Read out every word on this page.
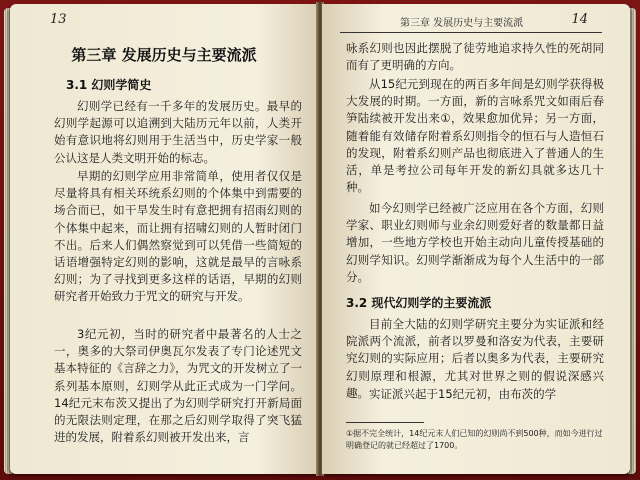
13
第三章 发展历史与主要流派
3.1 幻则学简史

幻则学已经有一千多年的发展历史。最早的幻则学起源可以追溯到大陆历元年以前，人类开始有意识地将幻则用于生活当中，历史学家一般公认这是人类文明开始的标志。

早期的幻则学应用非常简单，使用者仅仅是尽量将具有相关环统系幻则的个体集中到需要的场合而已，如干旱发生时有意把拥有招雨幻则的个体集中起来，而让拥有招啸幻则的人暂时闭门不出。后来人们偶然察觉到可以凭借一些简短的话语增强特定幻则的影响，这就是最早的言咏系幻则；为了寻找到更多这样的话语，早期的幻则研究者开始致力于咒文的研究与开发。

3纪元初，当时的研究者中最著名的人士之一，奥多的大祭司伊奥瓦尔发表了专门论述咒文基本特征的《言辞之力》，为咒文的开发树立了一系列基本原则，幻则学从此正式成为一门学问。14纪元末布茨又提出了为幻则学研究打开新局面的无限法则定理，在那之后幻则学取得了突飞猛进的发展，附着系幻则被开发出来，言

第三章 发展历史与主要流派	14

咏系幻则也因此摆脱了徒劳地追求持久性的死胡同而有了更明确的方向。

从15纪元到现在的两百多年间是幻则学获得极大发展的时期。一方面，新的言咏系咒文如雨后春笋陆续被开发出来①，效果愈加优异；另一方面，随着能有效储存附着系幻则指令的恒石与人造恒石的发现，附着系幻则产品也彻底进入了普通人的生活，单是考拉公司每年开发的新幻具就多达几十种。

如今幻则学已经被广泛应用在各个方面，幻则学家、职业幻则师与业余幻则爱好者的数量都日益增加，一些地方学校也开始主动向儿童传授基础的幻则学知识。幻则学渐渐成为每个人生活中的一部分。

3.2 现代幻则学的主要流派

目前全大陆的幻则学研究主要分为实证派和经院派两个流派，前者以罗曼和洛安为代表，主要研究幻则的实际应用；后者以奥多为代表，主要研究幻则原理和根源，尤其对世界之则的假说深感兴趣。 实证派兴起于15纪元初，由布茨的学

①据不完全统计，14纪元末人们已知的幻则尚不到500种，而如今进行过明确登记的就已经超过了1700。
